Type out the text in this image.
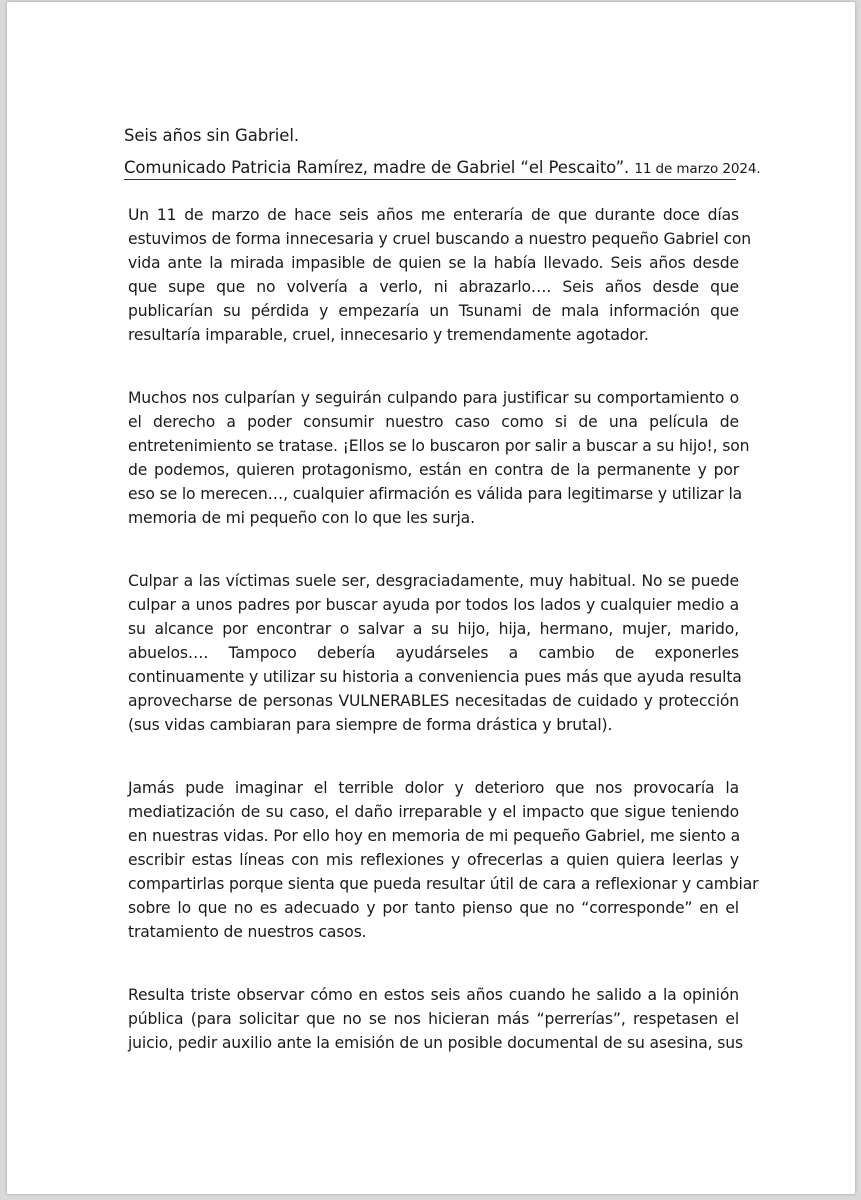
Seis años sin Gabriel.
Comunicado Patricia Ramírez, madre de Gabriel “el Pescaito”. 11 de marzo 2024.
Un 11 de marzo de hace seis años me enteraría de que durante doce días
estuvimos de forma innecesaria y cruel buscando a nuestro pequeño Gabriel con
vida ante la mirada impasible de quien se la había llevado. Seis años desde
que supe que no volvería a verlo, ni abrazarlo…. Seis años desde que
publicarían su pérdida y empezaría un Tsunami de mala información que
resultaría imparable, cruel, innecesario y tremendamente agotador.
Muchos nos culparían y seguirán culpando para justificar su comportamiento o
el derecho a poder consumir nuestro caso como si de una película de
entretenimiento se tratase. ¡Ellos se lo buscaron por salir a buscar a su hijo!, son
de podemos, quieren protagonismo, están en contra de la permanente y por
eso se lo merecen…, cualquier afirmación es válida para legitimarse y utilizar la
memoria de mi pequeño con lo que les surja.
Culpar a las víctimas suele ser, desgraciadamente, muy habitual. No se puede
culpar a unos padres por buscar ayuda por todos los lados y cualquier medio a
su alcance por encontrar o salvar a su hijo, hija, hermano, mujer, marido,
abuelos…. Tampoco debería ayudárseles a cambio de exponerles
continuamente y utilizar su historia a conveniencia pues más que ayuda resulta
aprovecharse de personas VULNERABLES necesitadas de cuidado y protección
(sus vidas cambiaran para siempre de forma drástica y brutal).
Jamás pude imaginar el terrible dolor y deterioro que nos provocaría la
mediatización de su caso, el daño irreparable y el impacto que sigue teniendo
en nuestras vidas. Por ello hoy en memoria de mi pequeño Gabriel, me siento a
escribir estas líneas con mis reflexiones y ofrecerlas a quien quiera leerlas y
compartirlas porque sienta que pueda resultar útil de cara a reflexionar y cambiar
sobre lo que no es adecuado y por tanto pienso que no “corresponde” en el
tratamiento de nuestros casos.
Resulta triste observar cómo en estos seis años cuando he salido a la opinión
pública (para solicitar que no se nos hicieran más “perrerías”, respetasen el
juicio, pedir auxilio ante la emisión de un posible documental de su asesina, sus
